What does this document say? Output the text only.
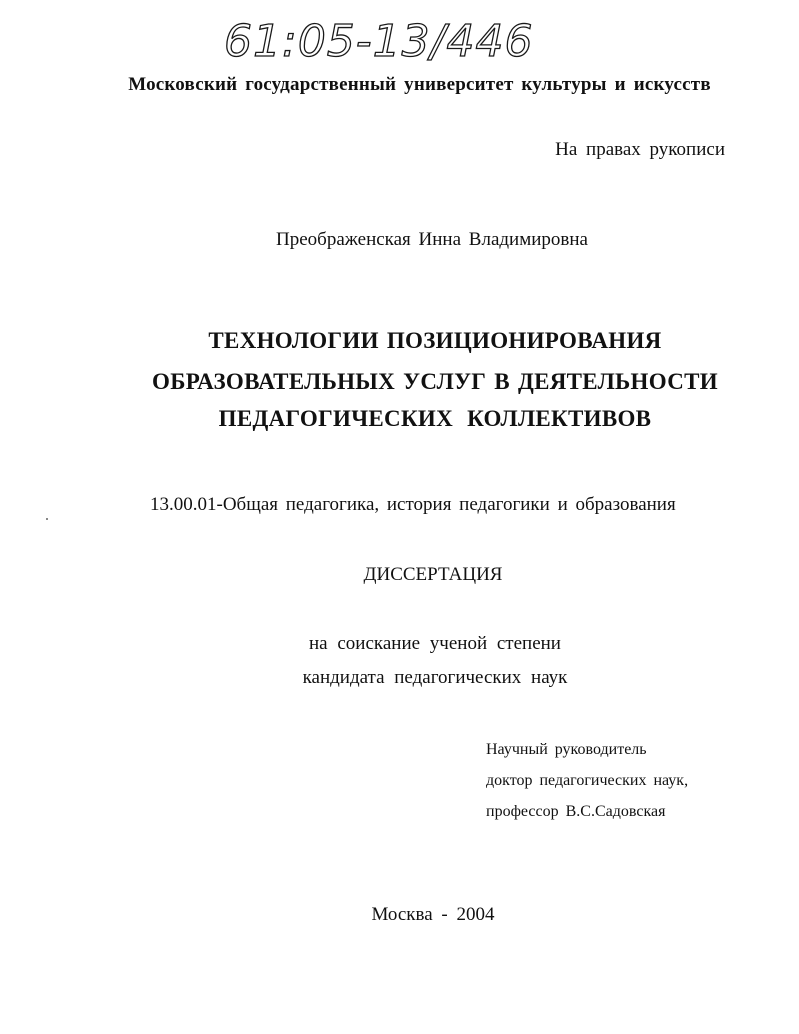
61:05-13/446
Московский государственный университет культуры и искусств
На правах рукописи
Преображенская Инна Владимировна
ТЕХНОЛОГИИ ПОЗИЦИОНИРОВАНИЯ
ОБРАЗОВАТЕЛЬНЫХ УСЛУГ В ДЕЯТЕЛЬНОСТИ
ПЕДАГОГИЧЕСКИХ КОЛЛЕКТИВОВ
13.00.01-Общая педагогика, история педагогики и образования
ДИССЕРТАЦИЯ
на соискание ученой степени
кандидата педагогических наук
Научный руководитель
доктор педагогических наук,
профессор В.С.Садовская
Москва - 2004
